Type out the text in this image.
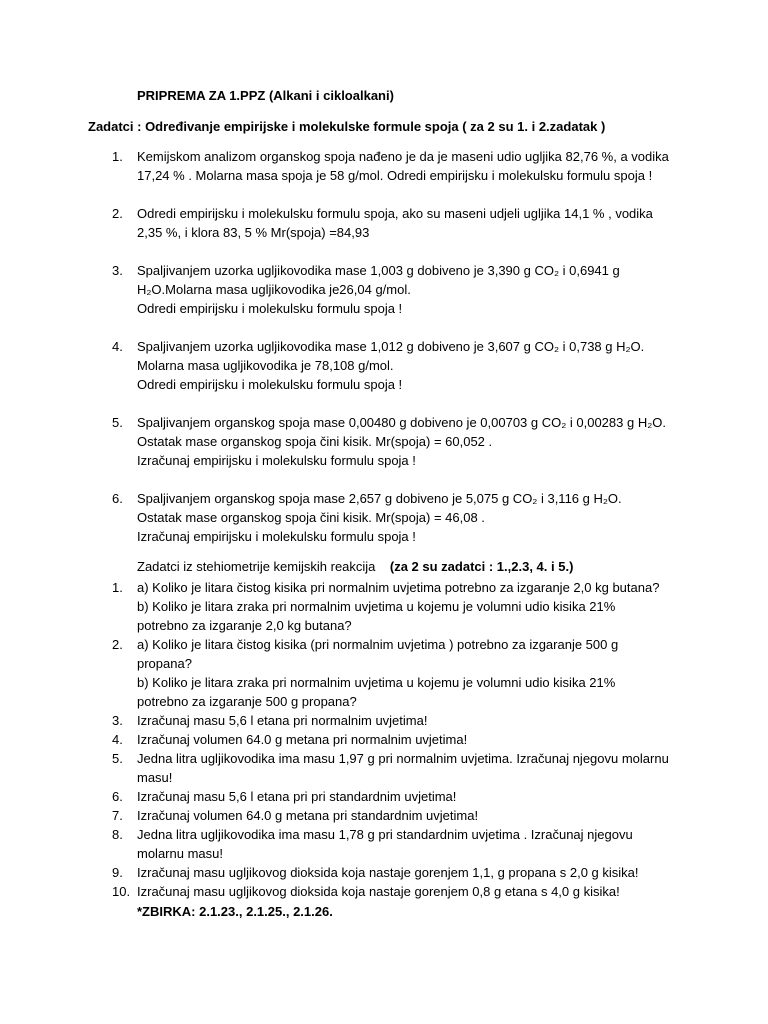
PRIPREMA ZA 1.PPZ (Alkani i cikloalkani)
Zadatci : Određivanje empirijske i molekulske formule spoja ( za 2 su 1. i 2.zadatak )
1. Kemijskom analizom organskog spoja nađeno je da je maseni udio ugljika 82,76 %, a vodika
17,24 % . Molarna masa spoja je 58 g/mol. Odredi empirijsku i molekulsku formulu spoja !
2. Odredi empirijsku i molekulsku formulu spoja, ako su maseni udjeli ugljika 14,1 % , vodika
2,35 %, i klora 83, 5 % Mr(spoja) =84,93
3. Spaljivanjem uzorka ugljikovodika mase 1,003 g dobiveno je 3,390 g CO₂ i 0,6941 g
H₂O.Molarna masa ugljikovodika je26,04 g/mol.
Odredi empirijsku i molekulsku formulu spoja !
4. Spaljivanjem uzorka ugljikovodika mase 1,012 g dobiveno je 3,607 g CO₂ i 0,738 g H₂O.
Molarna masa ugljikovodika je 78,108 g/mol.
Odredi empirijsku i molekulsku formulu spoja !
5. Spaljivanjem organskog spoja mase 0,00480 g dobiveno je 0,00703 g CO₂ i 0,00283 g H₂O.
Ostatak mase organskog spoja čini kisik. Mr(spoja) = 60,052 .
Izračunaj empirijsku i molekulsku formulu spoja !
6. Spaljivanjem organskog spoja mase 2,657 g dobiveno je 5,075 g CO₂ i 3,116 g H₂O.
Ostatak mase organskog spoja čini kisik. Mr(spoja) = 46,08 .
Izračunaj empirijsku i molekulsku formulu spoja !
Zadatci iz stehiometrije kemijskih reakcija (za 2 su zadatci : 1.,2.3, 4. i 5.)
1. a) Koliko je litara čistog kisika pri normalnim uvjetima potrebno za izgaranje 2,0 kg butana?
b) Koliko je litara zraka pri normalnim uvjetima u kojemu je volumni udio kisika 21%
potrebno za izgaranje 2,0 kg butana?
2. a) Koliko je litara čistog kisika (pri normalnim uvjetima ) potrebno za izgaranje 500 g
propana?
b) Koliko je litara zraka pri normalnim uvjetima u kojemu je volumni udio kisika 21%
potrebno za izgaranje 500 g propana?
3. Izračunaj masu 5,6 l etana pri normalnim uvjetima!
4. Izračunaj volumen 64.0 g metana pri normalnim uvjetima!
5. Jedna litra ugljikovodika ima masu 1,97 g pri normalnim uvjetima. Izračunaj njegovu molarnu
masu!
6. Izračunaj masu 5,6 l etana pri pri standardnim uvjetima!
7. Izračunaj volumen 64.0 g metana pri standardnim uvjetima!
8. Jedna litra ugljikovodika ima masu 1,78 g pri standardnim uvjetima . Izračunaj njegovu
molarnu masu!
9. Izračunaj masu ugljikovog dioksida koja nastaje gorenjem 1,1, g propana s 2,0 g kisika!
10. Izračunaj masu ugljikovog dioksida koja nastaje gorenjem 0,8 g etana s 4,0 g kisika!
*ZBIRKA: 2.1.23., 2.1.25., 2.1.26.
